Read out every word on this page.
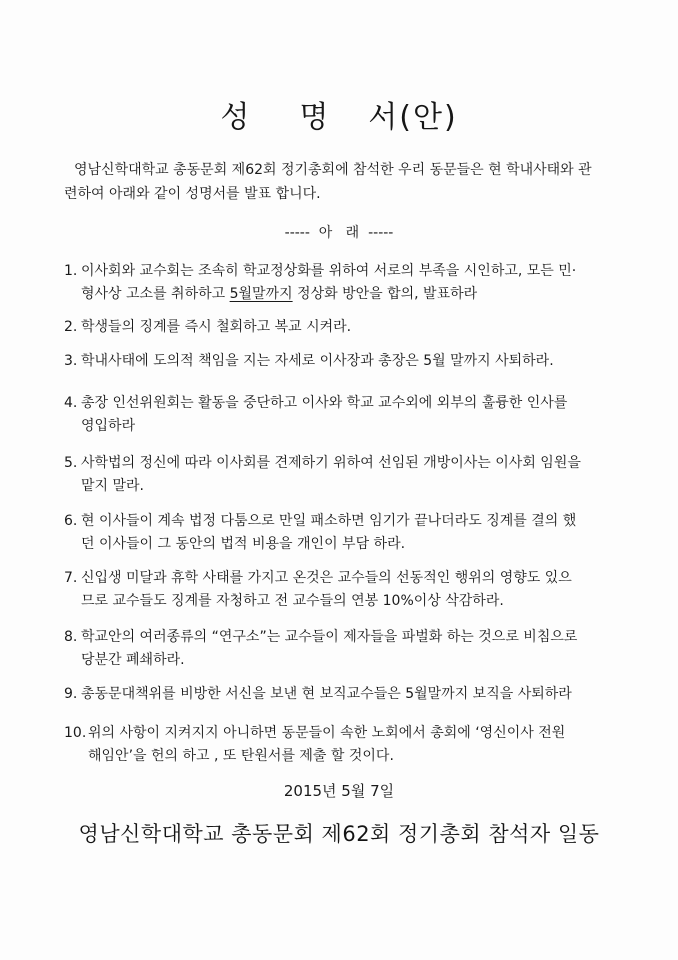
성 명 서(안)
영남신학대학교 총동문회 제62회 정기총회에 참석한 우리 동문들은 현 학내사태와 관
련하여 아래와 같이 성명서를 발표 합니다.
-----  아   래  -----
1. 이사회와 교수회는 조속히 학교정상화를 위하여 서로의 부족을 시인하고, 모든 민·
형사상 고소를 취하하고 5월말까지 정상화 방안을 합의, 발표하라
2. 학생들의 징계를 즉시 철회하고 복교 시켜라.
3. 학내사태에 도의적 책임을 지는 자세로 이사장과 총장은 5월 말까지 사퇴하라.
4. 총장 인선위원회는 활동을 중단하고 이사와 학교 교수외에 외부의 훌륭한 인사를
영입하라
5. 사학법의 정신에 따라 이사회를 견제하기 위하여 선임된 개방이사는 이사회 임원을
맡지 말라.
6. 현 이사들이 계속 법정 다툼으로 만일 패소하면 임기가 끝나더라도 징계를 결의 했
던 이사들이 그 동안의 법적 비용을 개인이 부담 하라.
7. 신입생 미달과 휴학 사태를 가지고 온것은 교수들의 선동적인 행위의 영향도 있으
므로 교수들도 징계를 자청하고 전 교수들의 연봉 10%이상 삭감하라.
8. 학교안의 여러종류의 “연구소”는 교수들이 제자들을 파벌화 하는 것으로 비침으로
당분간 폐쇄하라.
9. 총동문대책위를 비방한 서신을 보낸 현 보직교수들은 5월말까지 보직을 사퇴하라
10. 위의 사항이 지켜지지 아니하면 동문들이 속한 노회에서 총회에 ‘영신이사 전원
해임안’을 헌의 하고 , 또 탄원서를 제출 할 것이다.
2015년 5월 7일
영남신학대학교 총동문회 제62회 정기총회 참석자 일동
